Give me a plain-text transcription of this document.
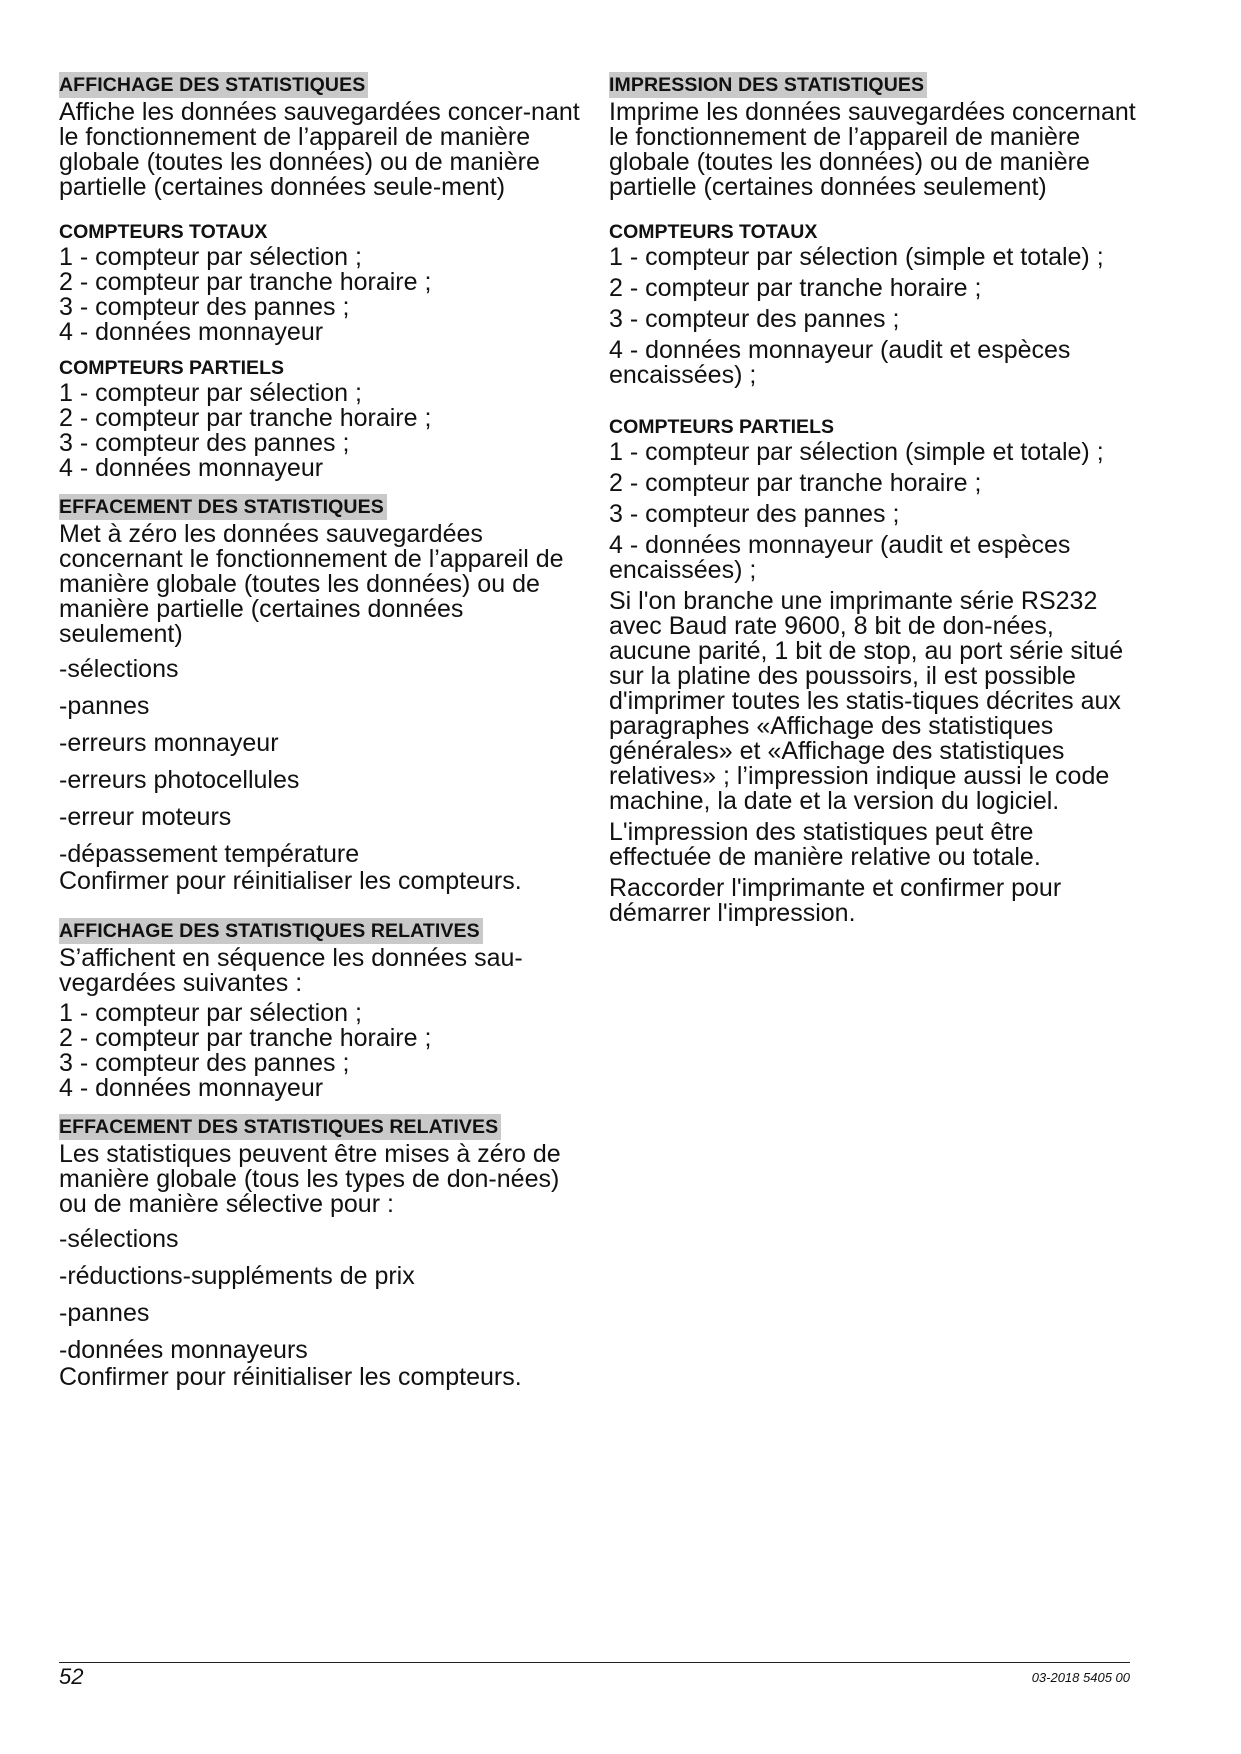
AFFICHAGE DES STATISTIQUES

Affiche les données sauvegardées concer-nant le fonctionnement de l’appareil de manière globale (toutes les données) ou de manière partielle (certaines données seule-ment)

COMPTEURS TOTAUX

1 - compteur par sélection ;

2 - compteur par tranche horaire ;

3 - compteur des pannes ;

4 - données monnayeur

COMPTEURS PARTIELS

1 - compteur par sélection ;

2 - compteur par tranche horaire ;

3 - compteur des pannes ;

4 - données monnayeur

EFFACEMENT DES STATISTIQUES

Met à zéro les données sauvegardées concernant le fonctionnement de l’appareil de manière globale (toutes les données) ou de manière partielle (certaines données seulement)

-sélections

-pannes

-erreurs monnayeur

-erreurs photocellules

-erreur moteurs

-dépassement température

Confirmer pour réinitialiser les compteurs.

AFFICHAGE DES STATISTIQUES RELATIVES

S’affichent en séquence les données sau-vegardées suivantes :

1 - compteur par sélection ;

2 - compteur par tranche horaire ;

3 - compteur des pannes ;

4 - données monnayeur

EFFACEMENT DES STATISTIQUES RELATIVES

Les statistiques peuvent être mises à zéro de manière globale (tous les types de don-nées) ou de manière sélective pour :

-sélections

-réductions-suppléments de prix

-pannes

-données monnayeurs

Confirmer pour réinitialiser les compteurs.

IMPRESSION DES STATISTIQUES

Imprime les données sauvegardées concernant le fonctionnement de l’appareil de manière globale (toutes les données) ou de manière partielle (certaines données seulement)

COMPTEURS TOTAUX

1 - compteur par sélection (simple et totale) ;

2 - compteur par tranche horaire ;

3 - compteur des pannes ;

4 - données monnayeur (audit et espèces encaissées) ;

COMPTEURS PARTIELS

1 - compteur par sélection (simple et totale) ;

2 - compteur par tranche horaire ;

3 - compteur des pannes ;

4 - données monnayeur (audit et espèces encaissées) ;

Si l'on branche une imprimante série RS232 avec Baud rate 9600, 8 bit de don-nées, aucune parité, 1 bit de stop, au port série situé sur la platine des poussoirs, il est possible d'imprimer toutes les statis-tiques décrites aux paragraphes «Affichage des statistiques générales» et «Affichage des statistiques relatives» ; l’impression indique aussi le code machine, la date et la version du logiciel.

L'impression des statistiques peut être effectuée de manière relative ou totale.

Raccorder l'imprimante et confirmer pour démarrer l'impression.

52	03-2018 5405 00
